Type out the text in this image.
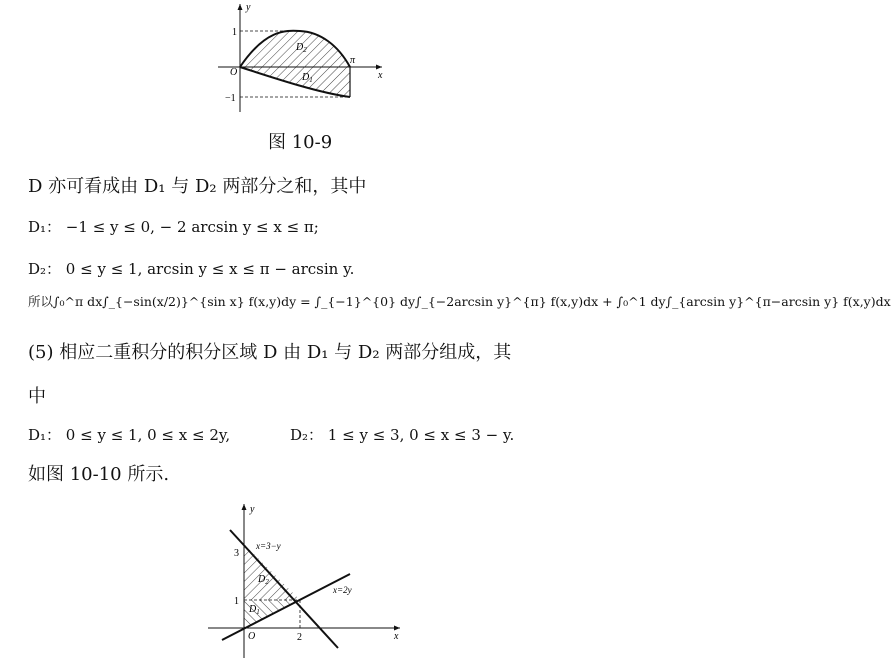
y
x
O
1
−1
π
$D_2$
$D_1$
图 10-9
D 亦可看成由 D₁ 与 D₂ 两部分之和，其中
D₁： −1 ≤ y ≤ 0, − 2 arcsin y ≤ x ≤ π;
D₂： 0 ≤ y ≤ 1, arcsin y ≤ x ≤ π − arcsin y.
所以∫₀^π dx∫_{−sin(x/2)}^{sin x} f(x,y)dy = ∫_{−1}^{0} dy∫_{−2arcsin y}^{π} f(x,y)dx + ∫₀^1 dy∫_{arcsin y}^{π−arcsin y} f(x,y)dx
(5) 相应二重积分的积分区域 D 由 D₁ 与 D₂ 两部分组成，其
中
D₁： 0 ≤ y ≤ 1, 0 ≤ x ≤ 2y,	D₂： 1 ≤ y ≤ 3, 0 ≤ x ≤ 3 − y.
如图 10-10 所示.
y
x
O
3
1
2
x=3−y
x=2y
$D_2$
$D_1$
